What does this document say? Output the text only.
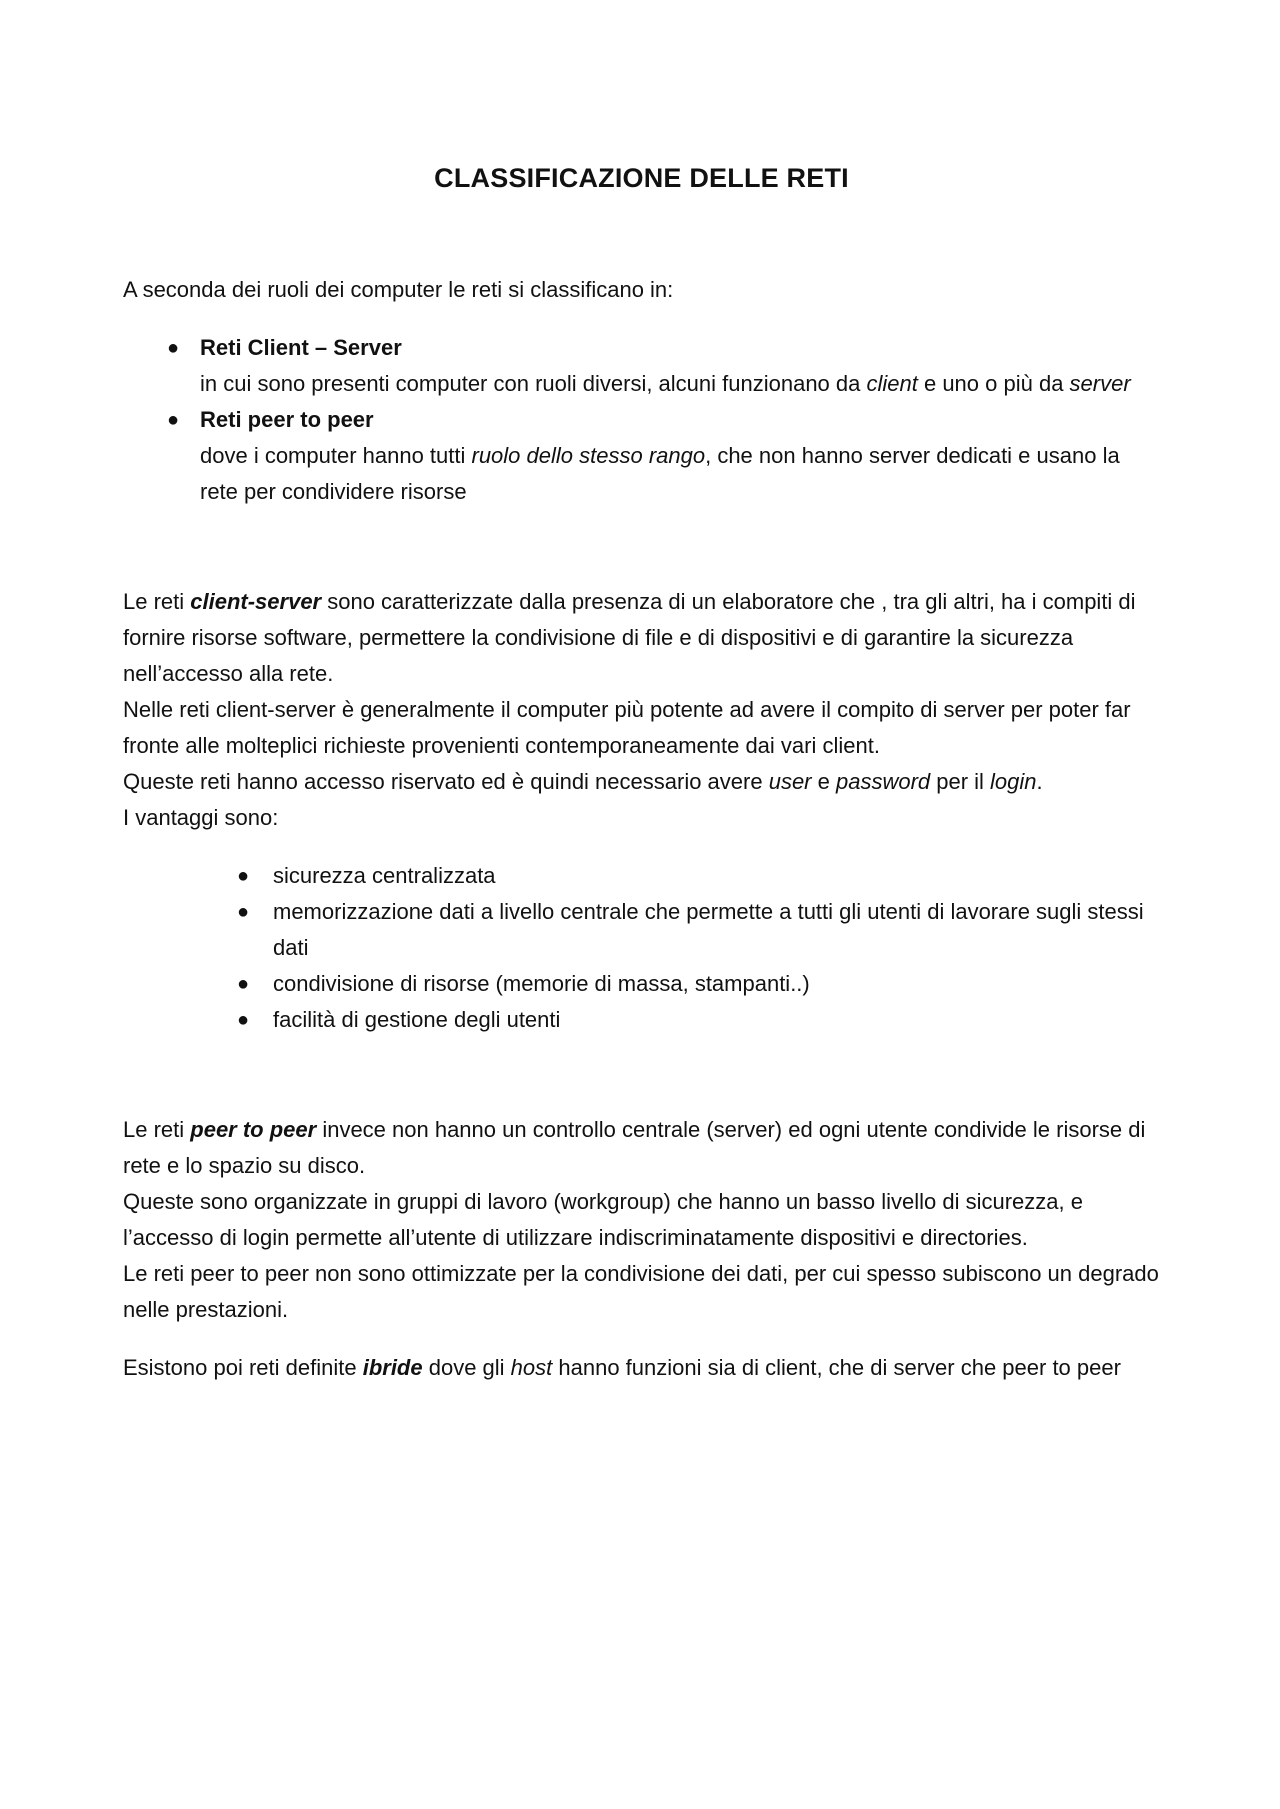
CLASSIFICAZIONE DELLE RETI

A seconda dei ruoli dei computer le reti si classificano in:

● Reti Client – Server
in cui sono presenti computer con ruoli diversi, alcuni funzionano da client e uno o più da server
● Reti peer to peer
dove i computer hanno tutti ruolo dello stesso rango, che non hanno server dedicati e usano la rete per condividere risorse

Le reti client-server sono caratterizzate dalla presenza di un elaboratore che , tra gli altri, ha i compiti di fornire risorse software, permettere la condivisione di file e di dispositivi e di garantire la sicurezza nell’accesso alla rete.

Nelle reti client-server è generalmente il computer più potente ad avere il compito di server per poter far fronte alle molteplici richieste provenienti contemporaneamente dai vari client.

Queste reti hanno accesso riservato ed è quindi necessario avere user e password per il login.

I vantaggi sono:

● sicurezza centralizzata
● memorizzazione dati a livello centrale che permette a tutti gli utenti di lavorare sugli stessi dati
● condivisione di risorse (memorie di massa, stampanti..)
● facilità di gestione degli utenti

Le reti peer to peer invece non hanno un controllo centrale (server) ed ogni utente condivide le risorse di rete e lo spazio su disco.

Queste sono organizzate in gruppi di lavoro (workgroup) che hanno un basso livello di sicurezza, e l’accesso di login permette all’utente di utilizzare indiscriminatamente dispositivi e directories.

Le reti peer to peer non sono ottimizzate per la condivisione dei dati, per cui spesso subiscono un degrado nelle prestazioni.

Esistono poi reti definite ibride dove gli host hanno funzioni sia di client, che di server che peer to peer
